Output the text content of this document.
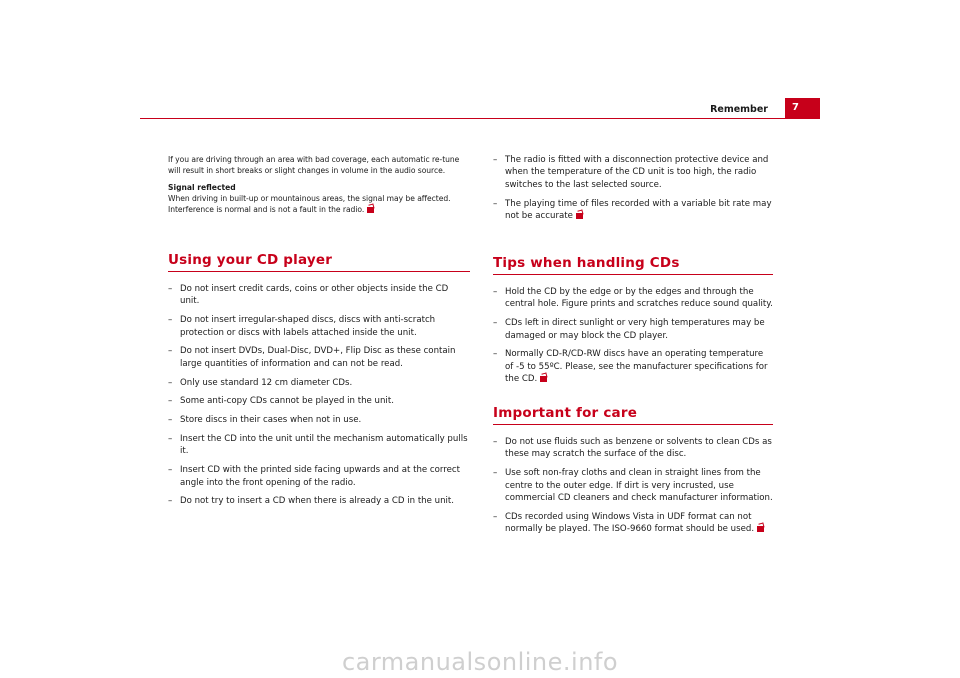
Remember	7

If you are driving through an area with bad coverage, each automatic re-tune will result in short breaks or slight changes in volume in the audio source.

Signal reflected

When driving in built-up or mountainous areas, the signal may be affected. Interference is normal and is not a fault in the radio.

Using your CD player
– Do not insert credit cards, coins or other objects inside the CD unit.
– Do not insert irregular-shaped discs, discs with anti-scratch protection or discs with labels attached inside the unit.
– Do not insert DVDs, Dual-Disc, DVD+, Flip Disc as these contain large quantities of information and can not be read.
– Only use standard 12 cm diameter CDs.
– Some anti-copy CDs cannot be played in the unit.
– Store discs in their cases when not in use.
– Insert the CD into the unit until the mechanism automatically pulls it.
– Insert CD with the printed side facing upwards and at the correct angle into the front opening of the radio.
– Do not try to insert a CD when there is already a CD in the unit.
– The radio is fitted with a disconnection protective device and when the temperature of the CD unit is too high, the radio switches to the last selected source.
– The playing time of files recorded with a variable bit rate may not be accurate
Tips when handling CDs
– Hold the CD by the edge or by the edges and through the central hole. Figure prints and scratches reduce sound quality.
– CDs left in direct sunlight or very high temperatures may be damaged or may block the CD player.
– Normally CD-R/CD-RW discs have an operating temperature of -5 to 55ºC. Please, see the manufacturer specifications for the CD.
Important for care
– Do not use fluids such as benzene or solvents to clean CDs as these may scratch the surface of the disc.
– Use soft non-fray cloths and clean in straight lines from the centre to the outer edge. If dirt is very incrusted, use commercial CD cleaners and check manufacturer information.
– CDs recorded using Windows Vista in UDF format can not normally be played. The ISO-9660 format should be used.
carmanualsonline.info
